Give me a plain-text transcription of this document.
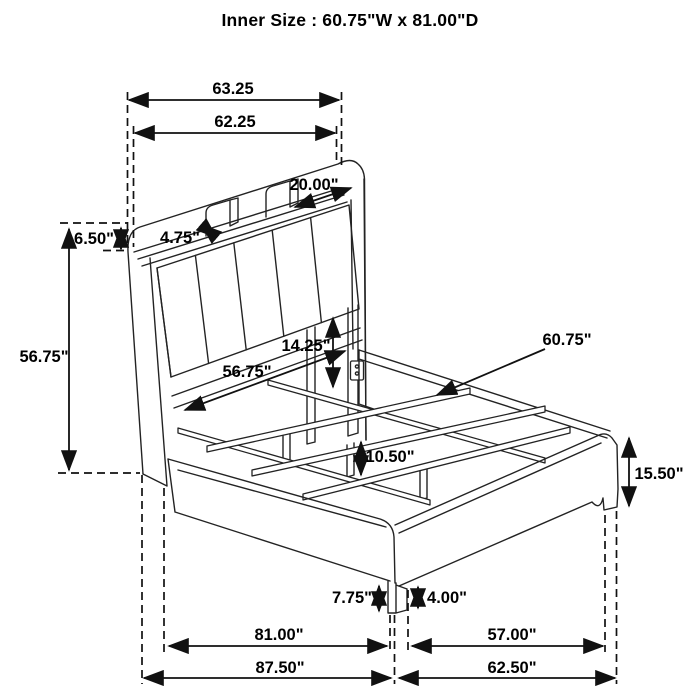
Inner Size : 60.75"W x 81.00"D
63.25
62.25
6.50"
56.75"
20.00"
4.75"
14.25"
56.75"
60.75"
10.50"
15.50"
7.75"	4.00"
81.00"	57.00"
87.50"	62.50"
